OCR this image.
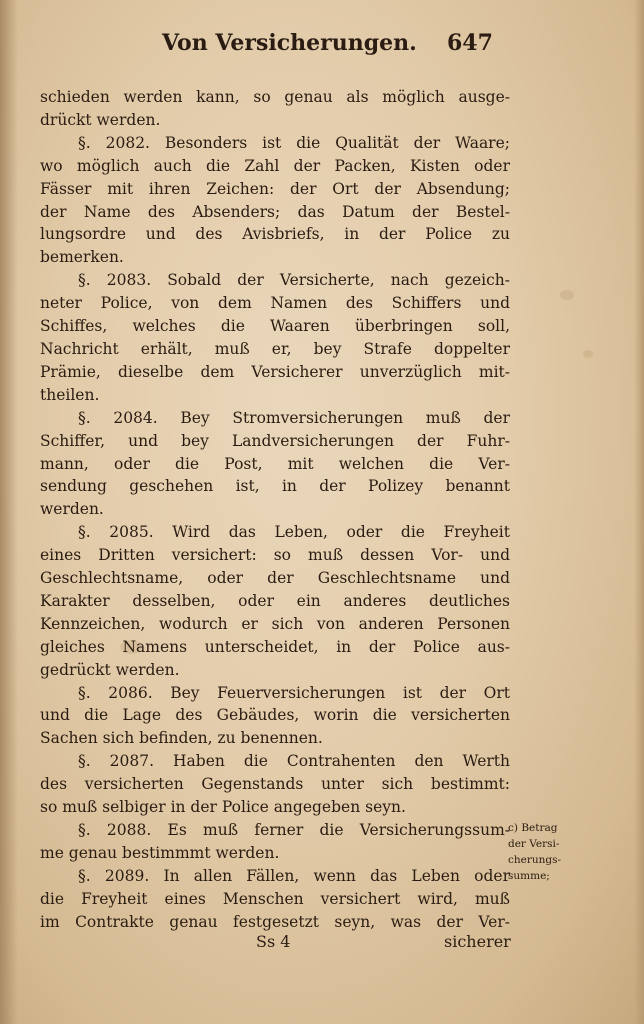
Von Versicherungen. 647
schieden werden kann, so genau als möglich ausge-
drückt werden.
§. 2082. Besonders ist die Qualität der Waare;
wo möglich auch die Zahl der Packen, Kisten oder
Fässer mit ihren Zeichen: der Ort der Absendung;
der Name des Absenders; das Datum der Bestel-
lungsordre und des Avisbriefs, in der Police zu
bemerken.
§. 2083. Sobald der Versicherte, nach gezeich-
neter Police, von dem Namen des Schiffers und
Schiffes, welches die Waaren überbringen soll,
Nachricht erhält, muß er, bey Strafe doppelter
Prämie, dieselbe dem Versicherer unverzüglich mit-
theilen.
§. 2084. Bey Stromversicherungen muß der
Schiffer, und bey Landversicherungen der Fuhr-
mann, oder die Post, mit welchen die Ver-
sendung geschehen ist, in der Polizey benannt
werden.
§. 2085. Wird das Leben, oder die Freyheit
eines Dritten versichert: so muß dessen Vor- und
Geschlechtsname, oder der Geschlechtsname und
Karakter desselben, oder ein anderes deutliches
Kennzeichen, wodurch er sich von anderen Personen
gleiches Namens unterscheidet, in der Police aus-
gedrückt werden.
§. 2086. Bey Feuerversicherungen ist der Ort
und die Lage des Gebäudes, worin die versicherten
Sachen sich befinden, zu benennen.
§. 2087. Haben die Contrahenten den Werth
des versicherten Gegenstands unter sich bestimmt:
so muß selbiger in der Police angegeben seyn.
§. 2088. Es muß ferner die Versicherungssum-
me genau bestimmmt werden.
§. 2089. In allen Fällen, wenn das Leben oder
die Freyheit eines Menschen versichert wird, muß
im Contrakte genau festgesetzt seyn, was der Ver-
c) Betrag
der Versi-
cherungs-
summe;
Ss 4	sicherer
